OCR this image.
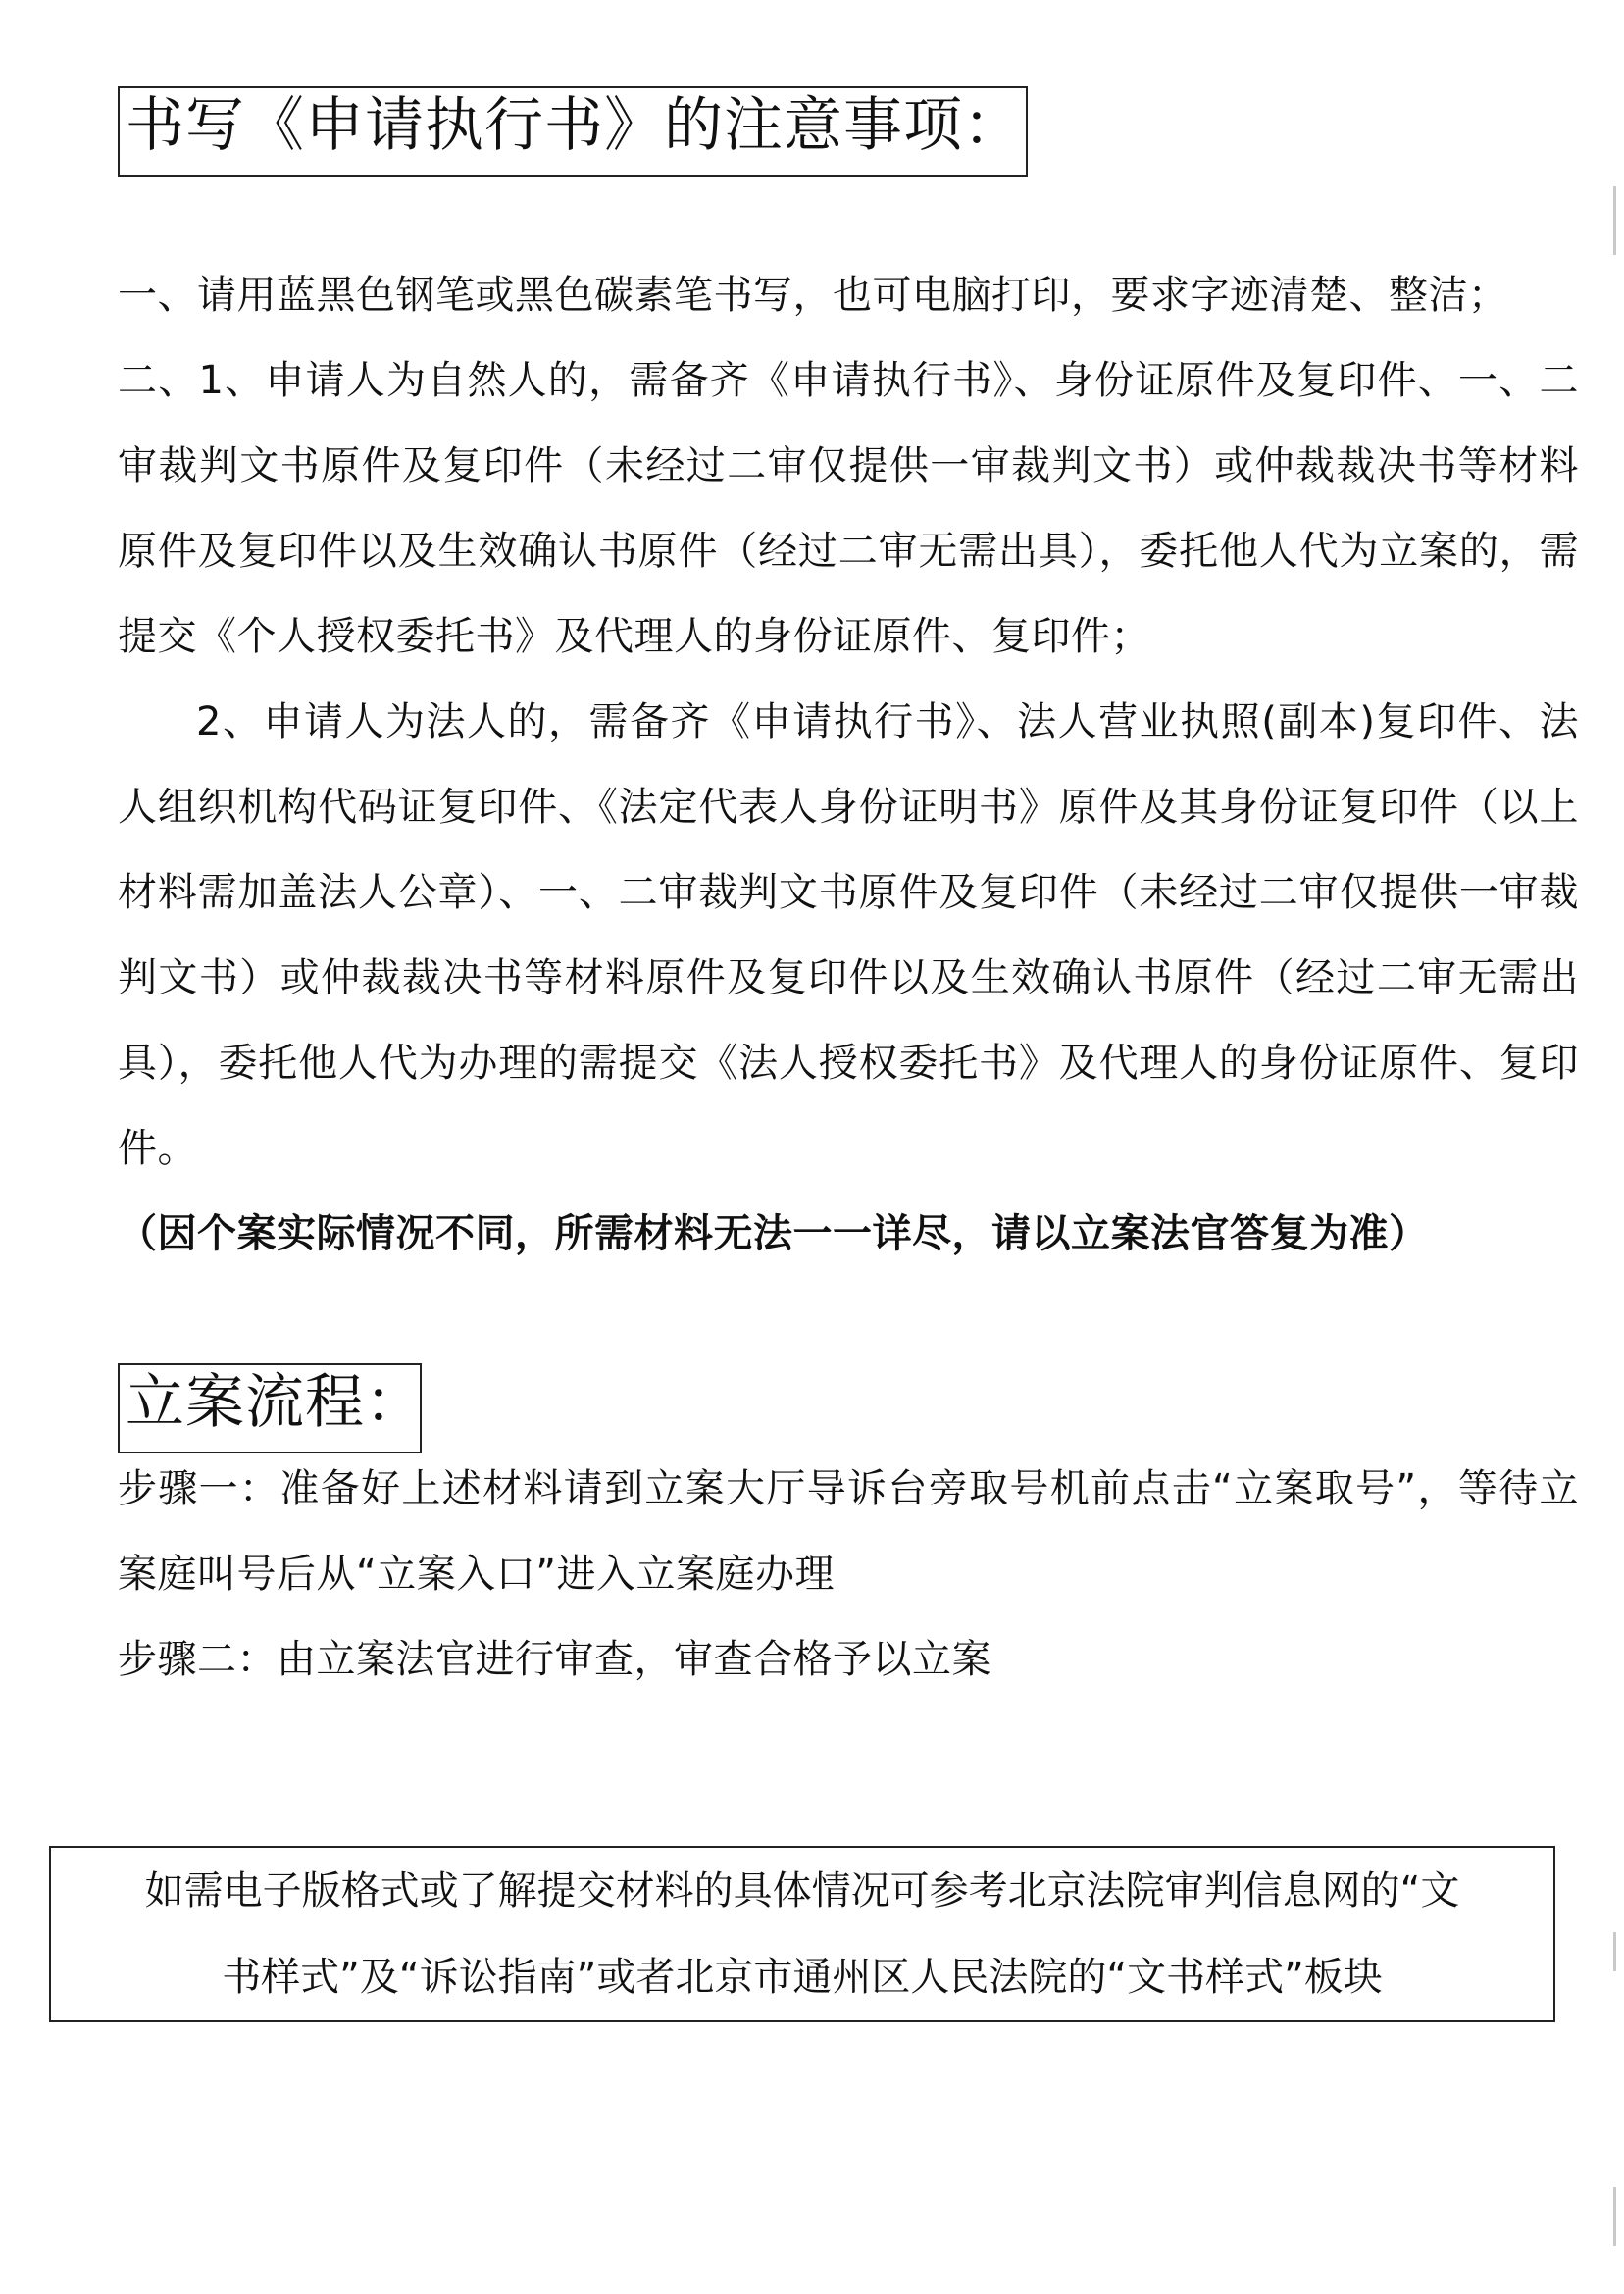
书写《申请执行书》的注意事项：

一、请用蓝黑色钢笔或黑色碳素笔书写，也可电脑打印，要求字迹清楚、整洁；

二、1、申请人为自然人的，需备齐《申请执行书》、身份证原件及复印件、一、二审裁判文书原件及复印件（未经过二审仅提供一审裁判文书）或仲裁裁决书等材料原件及复印件以及生效确认书原件（经过二审无需出具），委托他人代为立案的，需提交《个人授权委托书》及代理人的身份证原件、复印件；

2、申请人为法人的，需备齐《申请执行书》、法人营业执照(副本)复印件、法人组织机构代码证复印件、《法定代表人身份证明书》原件及其身份证复印件（以上材料需加盖法人公章）、一、二审裁判文书原件及复印件（未经过二审仅提供一审裁判文书）或仲裁裁决书等材料原件及复印件以及生效确认书原件（经过二审无需出具），委托他人代为办理的需提交《法人授权委托书》及代理人的身份证原件、复印件。

（因个案实际情况不同，所需材料无法一一详尽，请以立案法官答复为准）

立案流程：

步骤一：准备好上述材料请到立案大厅导诉台旁取号机前点击“立案取号”，等待立案庭叫号后从“立案入口”进入立案庭办理

步骤二：由立案法官进行审查，审查合格予以立案

如需电子版格式或了解提交材料的具体情况可参考北京法院审判信息网的“文

书样式”及“诉讼指南”或者北京市通州区人民法院的“文书样式”板块
